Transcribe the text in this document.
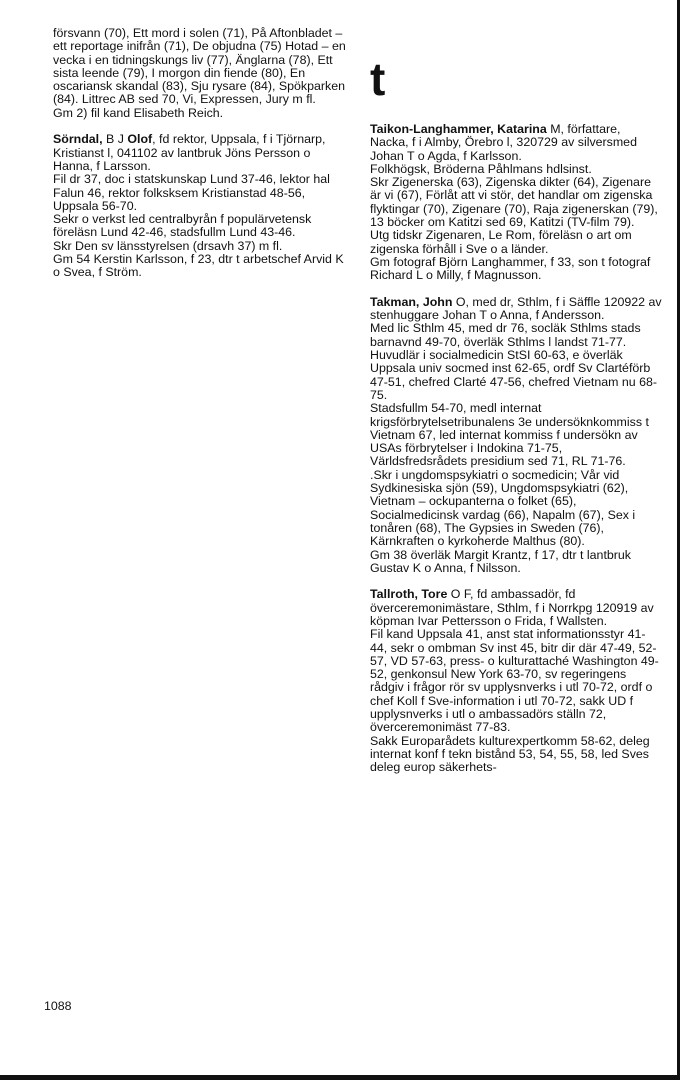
försvann (70), Ett mord i solen (71), På Aftonbladet – ett reportage inifrån (71), De objudna (75) Hotad – en vecka i en tidningskungs liv (77), Änglarna (78), Ett sista leende (79), I morgon din fiende (80), En oscariansk skandal (83), Sju rysare (84), Spökparken (84). Littrec AB sed 70, Vi, Expressen, Jury m fl.

Gm 2) fil kand Elisabeth Reich.

Sörndal, B J Olof, fd rektor, Uppsala, f i Tjörnarp, Kristianst l, 041102 av lantbruk Jöns Persson o Hanna, f Larsson.

Fil dr 37, doc i statskunskap Lund 37-46, lektor hal Falun 46, rektor folksksem Kristianstad 48-56, Uppsala 56-70.

Sekr o verkst led centralbyrån f populärvetensk föreläsn Lund 42-46, stadsfullm Lund 43-46.

Skr Den sv länsstyrelsen (drsavh 37) m fl.

Gm 54 Kerstin Karlsson, f 23, dtr t arbetschef Arvid K o Svea, f Ström.

t

Taikon-Langhammer, Katarina M, författare, Nacka, f i Almby, Örebro l, 320729 av silversmed Johan T o Agda, f Karlsson.

Folkhögsk, Bröderna Påhlmans hdlsinst.

Skr Zigenerska (63), Zigenska dikter (64), Zigenare är vi (67), Förlåt att vi stör, det handlar om zigenska flyktingar (70), Zigenare (70), Raja zigenerskan (79), 13 böcker om Katitzi sed 69, Katitzi (TV-film 79).

Utg tidskr Zigenaren, Le Rom, föreläsn o art om zigenska förhåll i Sve o a länder.

Gm fotograf Björn Langhammer, f 33, son t fotograf Richard L o Milly, f Magnusson.

Takman, John O, med dr, Sthlm, f i Säffle 120922 av stenhuggare Johan T o Anna, f Andersson.

Med lic Sthlm 45, med dr 76, socläk Sthlms stads barnavnd 49-70, överläk Sthlms l landst 71-77.

Huvudlär i socialmedicin StSI 60-63, e överläk Uppsala univ socmed inst 62-65, ordf Sv Clartéförb 47-51, chefred Clarté 47-56, chefred Vietnam nu 68-75.

Stadsfullm 54-70, medl internat krigsförbrytelsetribunalens 3e undersöknkommiss t Vietnam 67, led internat kommiss f undersökn av USAs förbrytelser i Indokina 71-75, Världsfredsrådets presidium sed 71, RL 71-76.

.Skr i ungdomspsykiatri o socmedicin; Vår vid Sydkinesiska sjön (59), Ungdomspsykiatri (62), Vietnam – ockupanterna o folket (65), Socialmedicinsk vardag (66), Napalm (67), Sex i tonåren (68), The Gypsies in Sweden (76), Kärnkraften o kyrkoherde Malthus (80).

Gm 38 överläk Margit Krantz, f 17, dtr t lantbruk Gustav K o Anna, f Nilsson.

Tallroth, Tore O F, fd ambassadör, fd överceremonimästare, Sthlm, f i Norrkpg 120919 av köpman Ivar Pettersson o Frida, f Wallsten.

Fil kand Uppsala 41, anst stat informationsstyr 41-44, sekr o ombman Sv inst 45, bitr dir där 47-49, 52-57, VD 57-63, press- o kulturattaché Washington 49-52, genkonsul New York 63-70, sv regeringens rådgiv i frågor rör sv upplysnverks i utl 70-72, ordf o chef Koll f Sve-information i utl 70-72, sakk UD f upplysnverks i utl o ambassadörs ställn 72, överceremonimäst 77-83.

Sakk Europarådets kulturexpertkomm 58-62, deleg internat konf f tekn bistånd 53, 54, 55, 58, led Sves deleg europ säkerhets-

1088
